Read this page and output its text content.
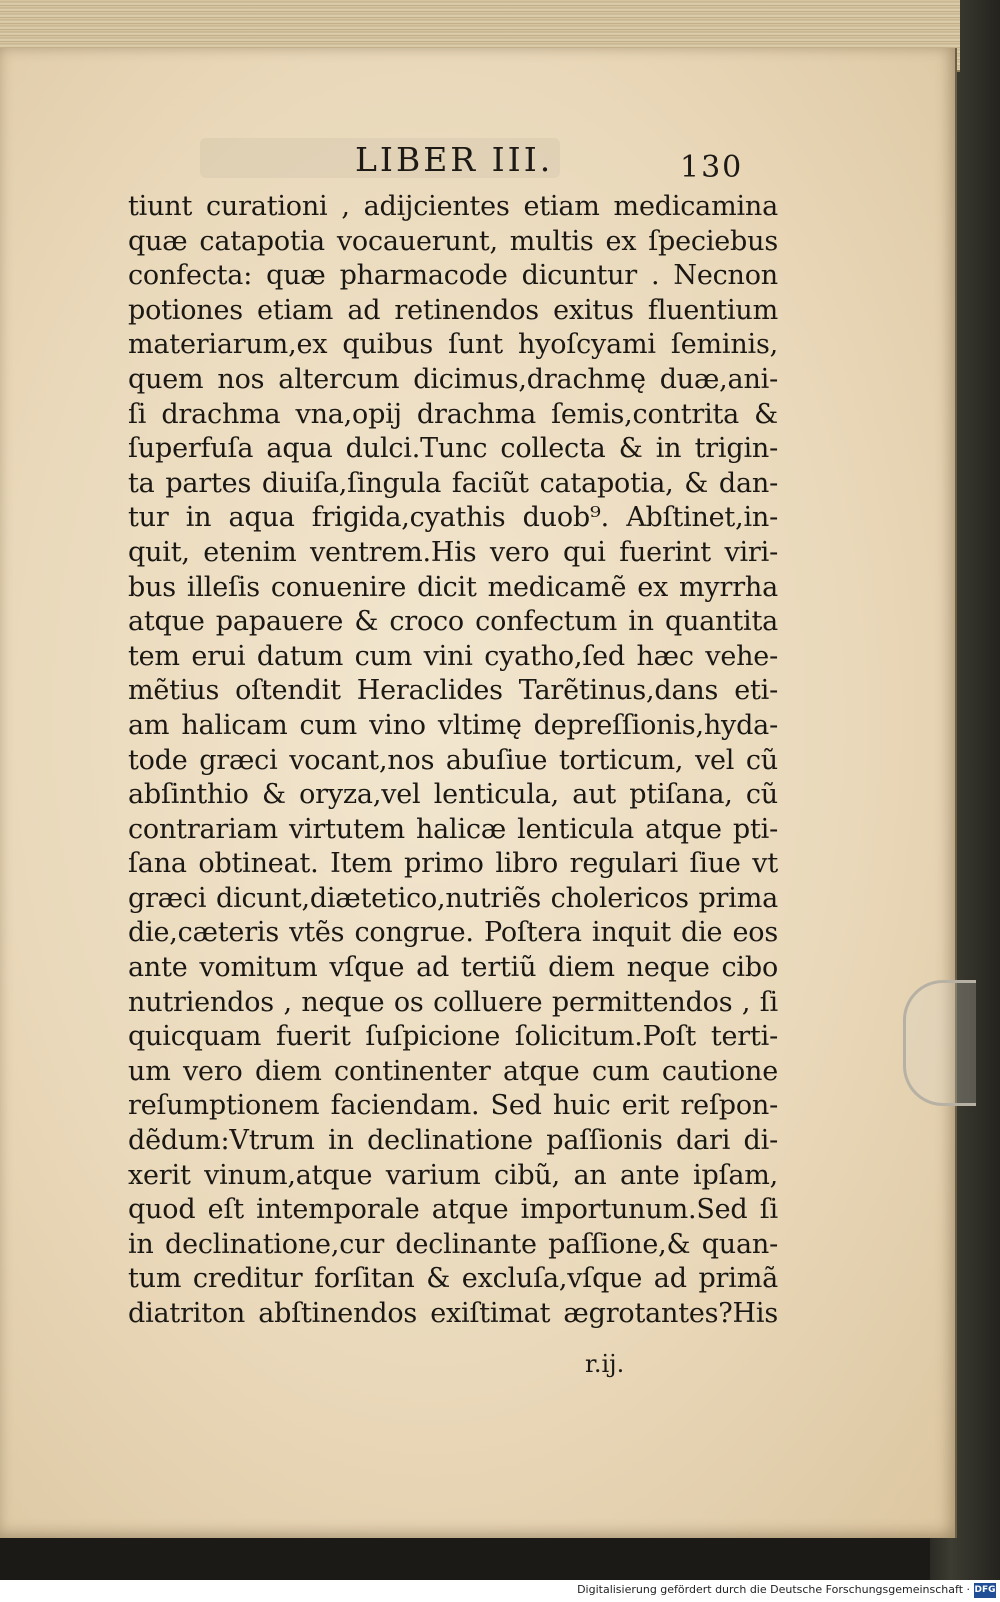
LIBER III.	130
tiunt curationi , adijcientes etiam medicamina
quæ catapotia vocauerunt, multis ex ſpeciebus
confecta: quæ pharmacode dicuntur . Necnon
potiones etiam ad retinendos exitus fluentium
materiarum,ex quibus ſunt hyoſcyami ſeminis,
quem nos altercum dicimus,drachmę duæ,ani-
ſi drachma vna,opij drachma ſemis,contrita &
ſuperfuſa aqua dulci.Tunc collecta & in trigin-
ta partes diuiſa,ſingula faciũt catapotia, & dan-
tur in aqua frigida,cyathis duob⁹. Abſtinet,in-
quit, etenim ventrem.His vero qui fuerint viri-
bus illeſis conuenire dicit medicamẽ ex myrrha
atque papauere & croco confectum in quantita
tem erui datum cum vini cyatho,ſed hæc vehe-
mẽtius oſtendit Heraclides Tarẽtinus,dans eti-
am halicam cum vino vltimę depreſſionis,hyda-
tode græci vocant,nos abuſiue torticum, vel cũ
abſinthio & oryza,vel lenticula, aut ptiſana, cũ
contrariam virtutem halicæ lenticula atque pti-
ſana obtineat. Item primo libro regulari ſiue vt
græci dicunt,diætetico,nutriẽs cholericos prima
die,cæteris vtẽs congrue. Poſtera inquit die eos
ante vomitum vſque ad tertiũ diem neque cibo
nutriendos , neque os colluere permittendos , ſi
quicquam fuerit ſuſpicione ſolicitum.Poſt terti-
um vero diem continenter atque cum cautione
reſumptionem faciendam. Sed huic erit reſpon-
dẽdum:Vtrum in declinatione paſſionis dari di-
xerit vinum,atque varium cibũ, an ante ipſam,
quod eſt intemporale atque importunum.Sed ſi
in declinatione,cur declinante paſſione,& quan-
tum creditur forſitan & excluſa,vſque ad primã
diatriton abſtinendos exiſtimat ægrotantes?His
r.ij.
Digitalisierung gefördert durch die Deutsche Forschungsgemeinschaft · DFG
